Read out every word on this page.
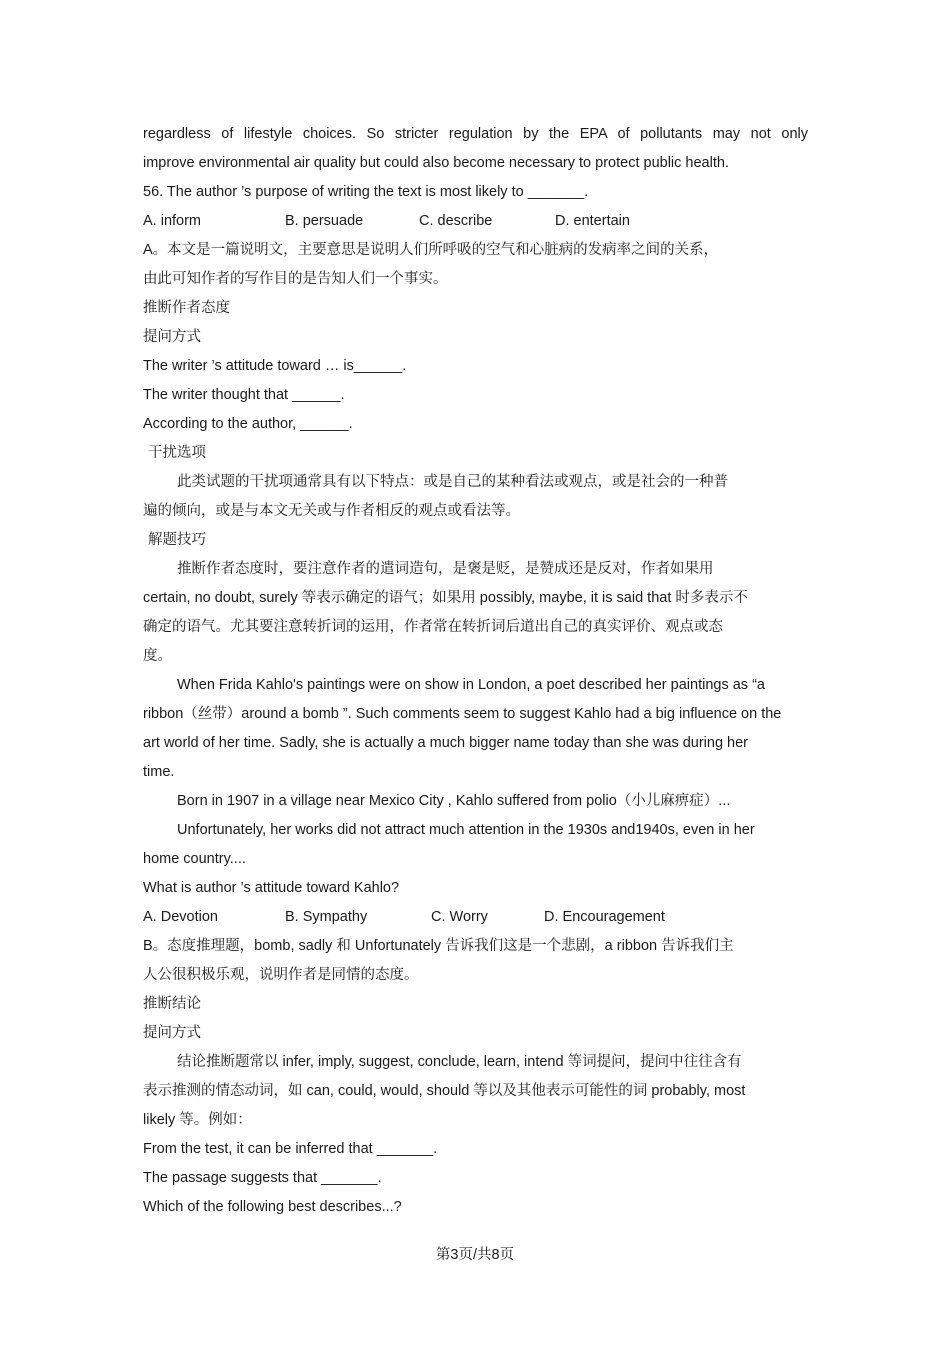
regardless of lifestyle choices. So stricter regulation by the EPA of pollutants may not only
improve environmental air quality but could also become necessary to protect public health.
56. The author ’s purpose of writing the text is most likely to _______.
A. inform	B. persuade	C. describe	D. entertain
A。本文是一篇说明文，主要意思是说明人们所呼吸的空气和心脏病的发病率之间的关系，
由此可知作者的写作目的是告知人们一个事实。
推断作者态度
提问方式
The writer ’s attitude toward … is______.
The writer thought that ______.
According to the author, ______.
干扰选项
此类试题的干扰项通常具有以下特点：或是自己的某种看法或观点，或是社会的一种普
遍的倾向，或是与本文无关或与作者相反的观点或看法等。
解题技巧
推断作者态度时，要注意作者的遣词造句，是褒是贬，是赞成还是反对，作者如果用
certain, no doubt, surely 等表示确定的语气；如果用 possibly, maybe, it is said that 时多表示不
确定的语气。尤其要注意转折词的运用，作者常在转折词后道出自己的真实评价、观点或态
度。
When Frida Kahlo's paintings were on show in London, a poet described her paintings as “a
ribbon（丝带）around a bomb ”. Such comments seem to suggest Kahlo had a big influence on the
art world of her time. Sadly, she is actually a much bigger name today than she was during her
time.
Born in 1907 in a village near Mexico City , Kahlo suffered from polio（小儿麻痹症）...
Unfortunately, her works did not attract much attention in the 1930s and1940s, even in her
home country....
What is author ’s attitude toward Kahlo?
A. Devotion	B. Sympathy	C. Worry	D. Encouragement
B。态度推理题，bomb, sadly 和 Unfortunately 告诉我们这是一个悲剧，a ribbon 告诉我们主
人公很积极乐观，说明作者是同情的态度。
推断结论
提问方式
结论推断题常以 infer, imply, suggest, conclude, learn, intend 等词提问，提问中往往含有
表示推测的情态动词，如 can, could, would, should 等以及其他表示可能性的词 probably, most
likely 等。例如：
From the test, it can be inferred that _______.
The passage suggests that _______.
Which of the following best describes...?
第3页/共8页
